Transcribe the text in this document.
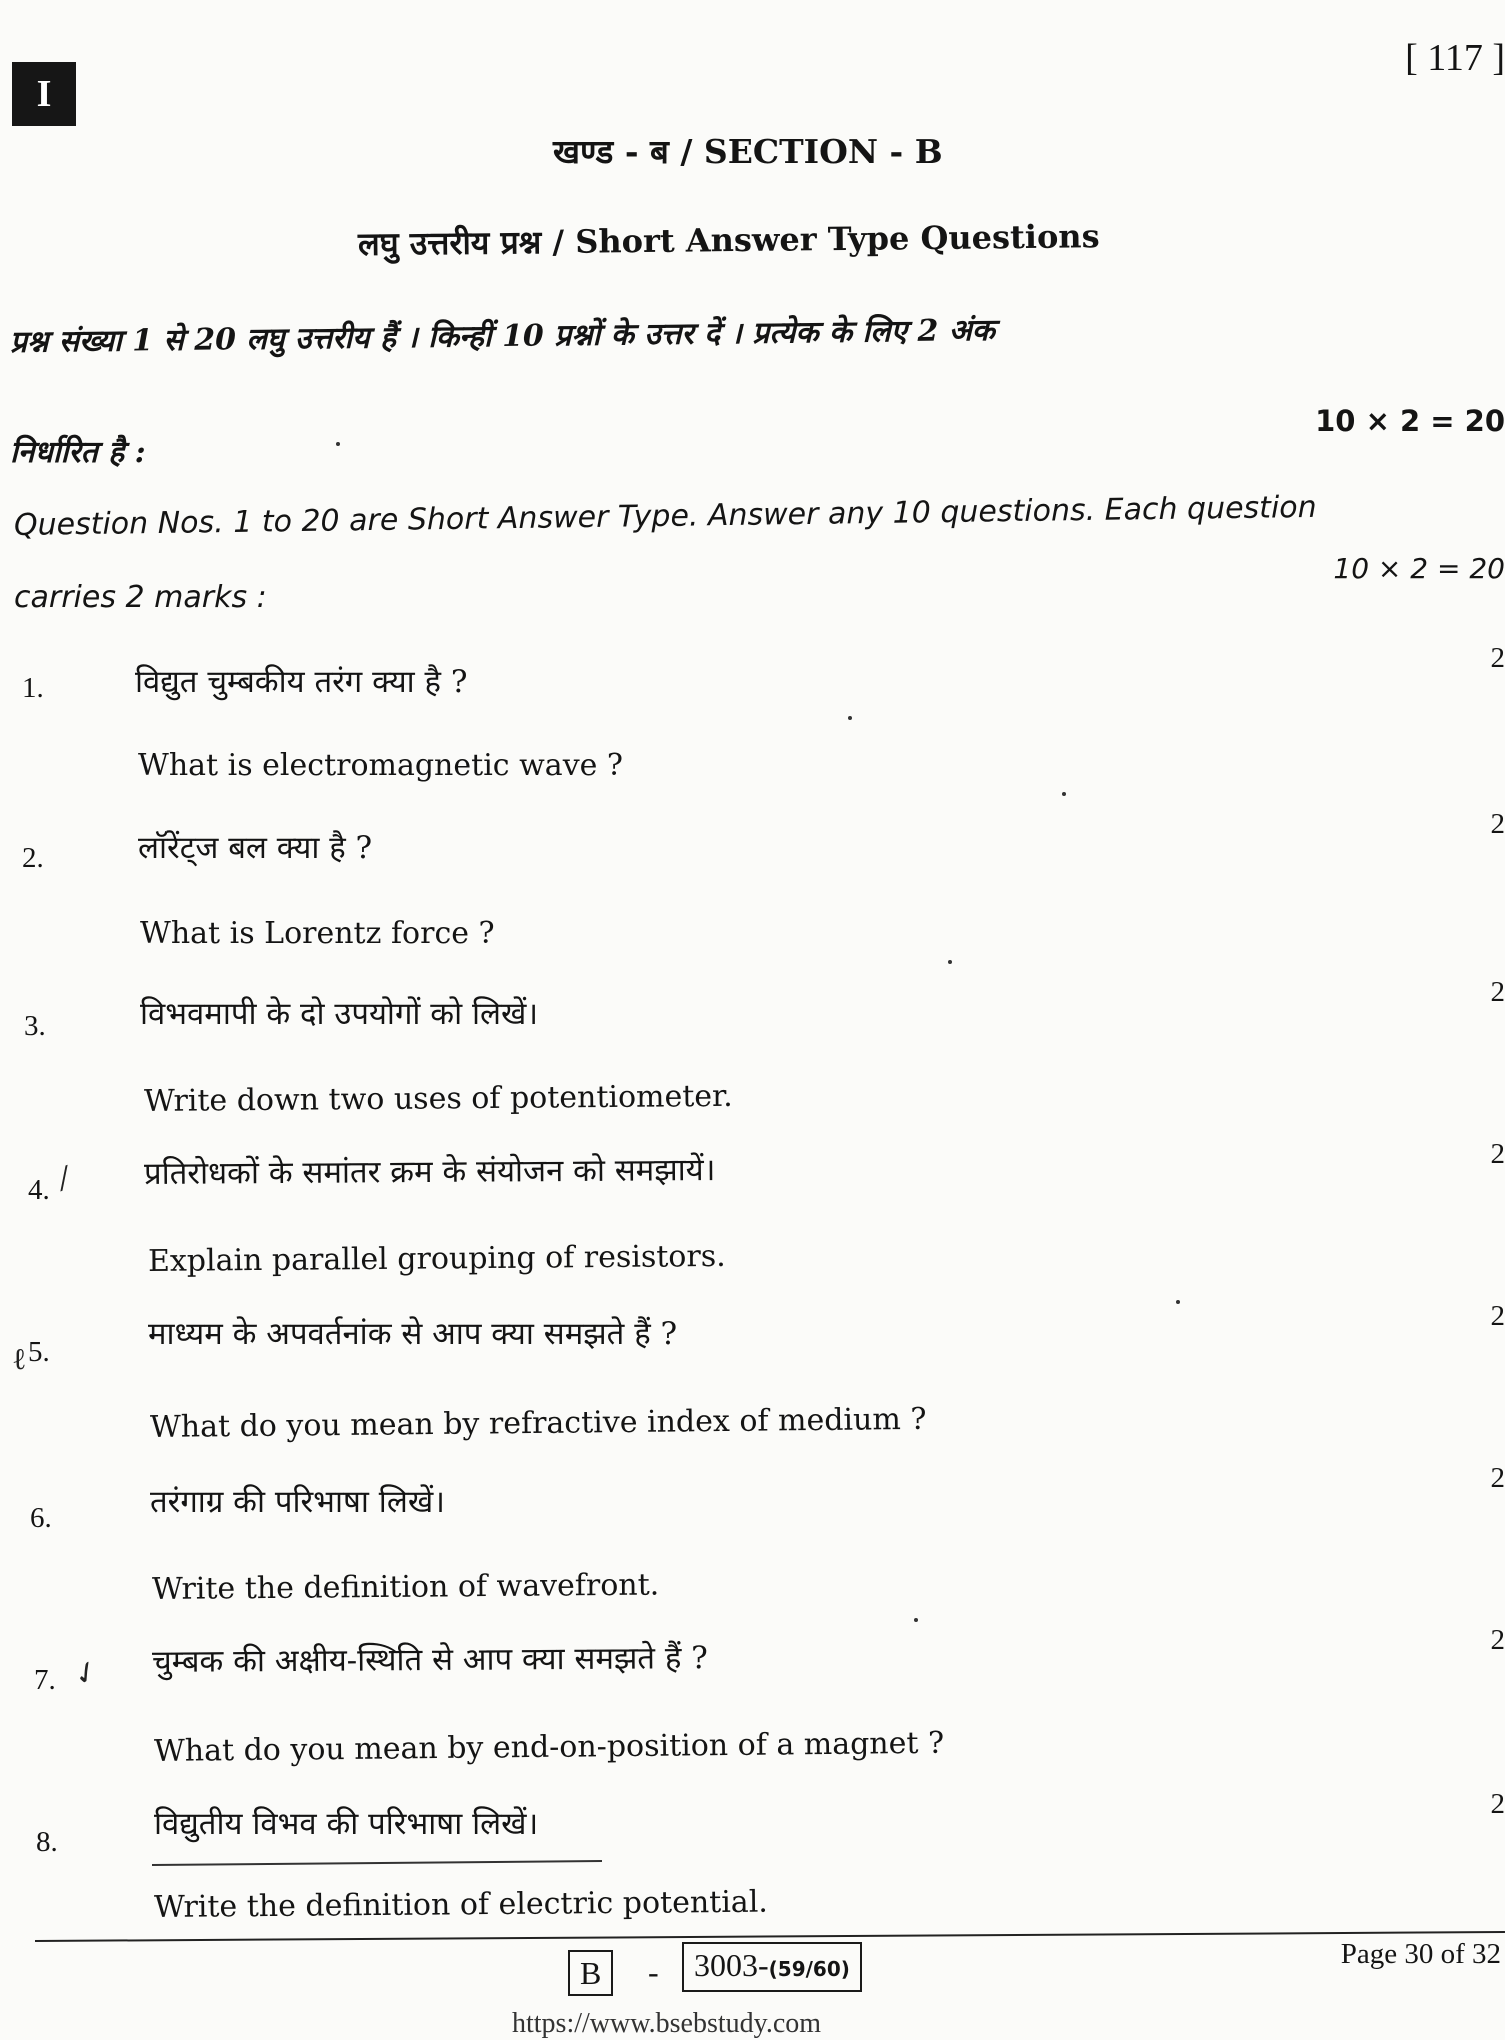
I
[ 117 ]
खण्ड - ब / SECTION - B
लघु उत्तरीय प्रश्न / Short Answer Type Questions
प्रश्न संख्या 1 से 20 लघु उत्तरीय हैं । किन्हीं 10 प्रश्नों के उत्तर दें । प्रत्येक के लिए 2 अंक
निर्धारित है :
10 × 2 = 20
Question Nos. 1 to 20 are Short Answer Type. Answer any 10 questions. Each question
10 × 2 = 20
carries 2 marks :
1.	विद्युत चुम्बकीय तरंग क्या है ?
2
What is electromagnetic wave ?
2.	लॉरेंट्ज बल क्या है ?
2
What is Lorentz force ?
3.	विभवमापी के दो उपयोगों को लिखें।
2
Write down two uses of potentiometer.
4. ⁄ प्रतिरोधकों के समांतर क्रम के संयोजन को समझायें।	2
Explain parallel grouping of resistors.
5.
ℓ
माध्यम के अपवर्तनांक से आप क्या समझते हैं ?	2
What do you mean by refractive index of medium ?
6.	तरंगाग्र की परिभाषा लिखें।
2
Write the definition of wavefront.
7. ✓ चुम्बक की अक्षीय-स्थिति से आप क्या समझते हैं ?
2
What do you mean by end-on-position of a magnet ?
8.	विद्युतीय विभव की परिभाषा लिखें।
2
Write the definition of electric potential.
B	-	3003-(59/60)	Page 30 of 32
https://www.bsebstudy.com
